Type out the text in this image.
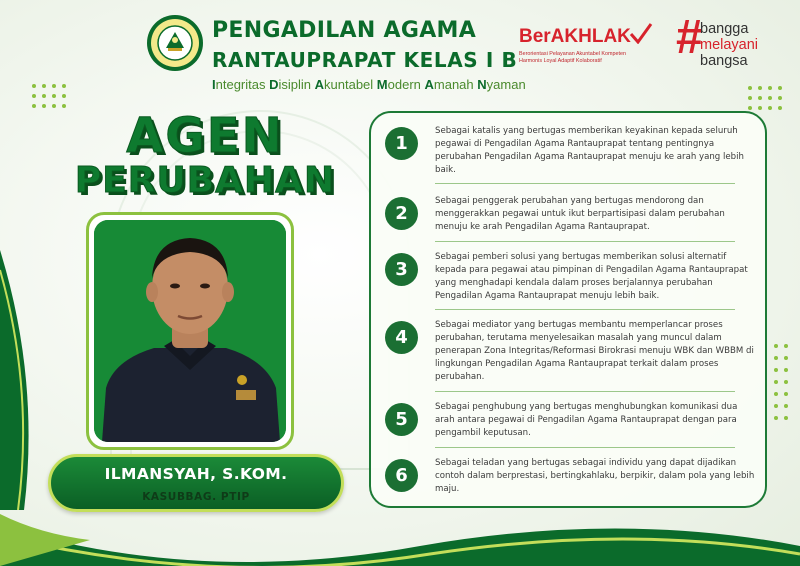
PENGADILAN AGAMA
RANTAUPRAPAT KELAS I B
Integritas Disiplin Akuntabel Modern Amanah Nyaman
BerAKHLAK
Berorientasi Pelayanan Akuntabel Kompeten
Harmonis Loyal Adaptif Kolaboratif #
bangga
melayani
bangsa
AGEN
PERUBAHAN
ILMANSYAH, S.KOM.
KASUBBAG. PTIP
1
Sebagai katalis yang bertugas memberikan keyakinan kepada seluruh pegawai di Pengadilan Agama Rantauprapat tentang pentingnya perubahan Pengadilan Agama Rantauprapat menuju ke arah yang lebih baik.
2
Sebagai penggerak perubahan yang bertugas mendorong dan menggerakkan pegawai untuk ikut berpartisipasi dalam perubahan menuju ke arah Pengadilan Agama Rantauprapat.
3
Sebagai pemberi solusi yang bertugas memberikan solusi alternatif kepada para pegawai atau pimpinan di Pengadilan Agama Rantauprapat yang menghadapi kendala dalam proses berjalannya perubahan Pengadilan Agama Rantauprapat menuju lebih baik.
4
Sebagai mediator yang bertugas membantu memperlancar proses perubahan, terutama menyelesaikan masalah yang muncul dalam penerapan Zona Integritas/Reformasi Birokrasi menuju WBK dan WBBM di lingkungan Pengadilan Agama Rantauprapat terkait dalam proses perubahan.
5
Sebagai penghubung yang bertugas menghubungkan komunikasi dua arah antara pegawai di Pengadilan Agama Rantauprapat dengan para pengambil keputusan.
6
Sebagai teladan yang bertugas sebagai individu yang dapat dijadikan contoh dalam berprestasi, bertingkahlaku, berpikir, dalam pola yang lebih maju.
